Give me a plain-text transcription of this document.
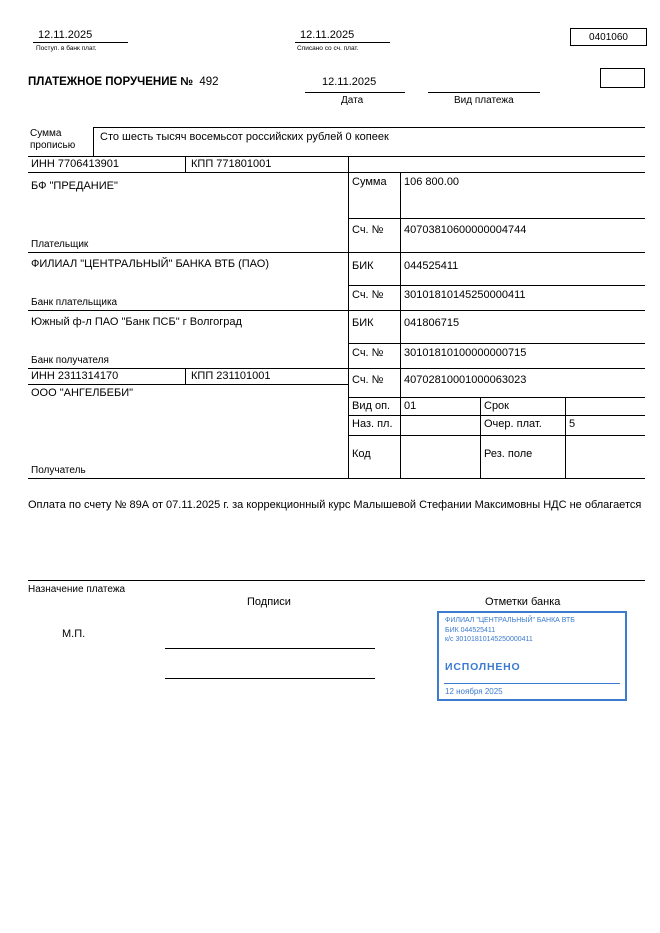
12.11.2025
Поступ. в банк плат.
12.11.2025
Списано со сч. плат.
0401060
ПЛАТЕЖНОЕ ПОРУЧЕНИЕ № 492	12.11.2025
Дата	Вид платежа
Сумма
прописью
Сто шесть тысяч восемьсот российских рублей 0 копеек
ИНН 7706413901	КПП 771801001
БФ "ПРЕДАНИЕ"
Плательщик
Сумма 106 800.00
Сч. № 40703810600000004744
ФИЛИАЛ "ЦЕНТРАЛЬНЫЙ" БАНКА ВТБ (ПАО)
Банк плательщика
БИК	044525411
Сч. № 30101810145250000411
Южный ф-л ПАО "Банк ПСБ" г Волгоград
Банк получателя
БИК	041806715
Сч. № 30101810100000000715
ИНН 2311314170	КПП 231101001
ООО "АНГЕЛБЕБИ"
Получатель
Сч. № 40702810001000063023
Вид оп. 01	Срок
Наз. пл.	Очер. плат. 5
Код	Рез. поле
Оплата по счету № 89А от 07.11.2025 г. за коррекционный курс Малышевой Стефании Максимовны НДС не облагается
Назначение платежа
Подписи	Отметки банка
М.П.
ФИЛИАЛ "ЦЕНТРАЛЬНЫЙ" БАНКА ВТБ
БИК 044525411
к/с 30101810145250000411
ИСПОЛНЕНО
12 ноября 2025
